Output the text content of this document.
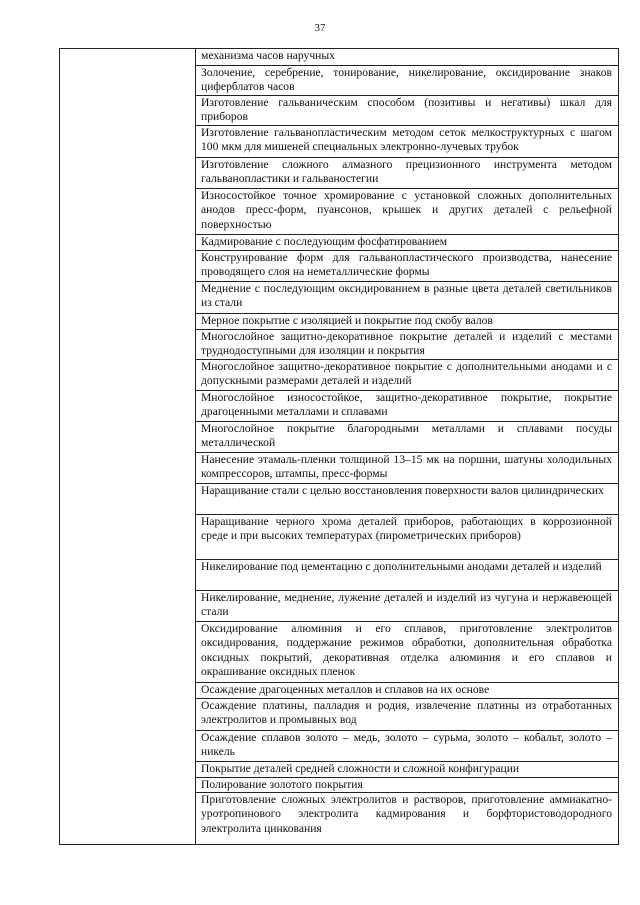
37
механизма часов наручных
Золочение, серебрение, тонирование, никелирование, оксидирование знаков циферблатов часов
Изготовление гальваническим способом (позитивы и негативы) шкал для приборов
Изготовление гальванопластическим методом сеток мелкоструктурных с шагом 100 мкм для мишеней специальных электронно-лучевых трубок
Изготовление сложного алмазного прецизионного инструмента методом гальванопластики и гальваностегии
Износостойкое точное хромирование с установкой сложных дополнительных анодов пресс-форм, пуансонов, крышек и других деталей с рельефной поверхностью
Кадмирование с последующим фосфатированием
Конструирование форм для гальванопластического производства, нанесение проводящего слоя на неметаллические формы
Меднение с последующим оксидированием в разные цвета деталей светильников из стали
Мерное покрытие с изоляцией и покрытие под скобу валов
Многослойное защитно-декоративное покрытие деталей и изделий с местами труднодоступными для изоляции и покрытия
Многослойное защитно-декоративное покрытие с дополнительными анодами и с допускными размерами деталей и изделий
Многослойное износостойкое, защитно-декоративное покрытие, покрытие драгоценными металлами и сплавами
Многослойное покрытие благородными металлами и сплавами посуды металлической
Нанесение этамаль-пленки толщиной 13–15 мк на поршни, шатуны холодильных компрессоров, штампы, пресс-формы
Наращивание стали с целью восстановления поверхности валов цилиндрических
Наращивание черного хрома деталей приборов, работающих в коррозионной среде и при высоких температурах (пирометрических приборов)
Никелирование под цементацию с дополнительными анодами деталей и изделий
Никелирование, меднение, лужение деталей и изделий из чугуна и нержавеющей стали
Оксидирование алюминия и его сплавов, приготовление электролитов оксидирования, поддержание режимов обработки, дополнительная обработка оксидных покрытий, декоративная отделка алюминия и его сплавов и окрашивание оксидных пленок
Осаждение драгоценных металлов и сплавов на их основе
Осаждение платины, палладия и родия, извлечение платины из отработанных электролитов и промывных вод
Осаждение сплавов золото – медь, золото – сурьма, золото – кобальт, золото – никель
Покрытие деталей средней сложности и сложной конфигурации
Полирование золотого покрытия
Приготовление сложных электролитов и растворов, приготовление аммиакатно-уротропинового электролита кадмирования и борфтористоводородного электролита цинкования
